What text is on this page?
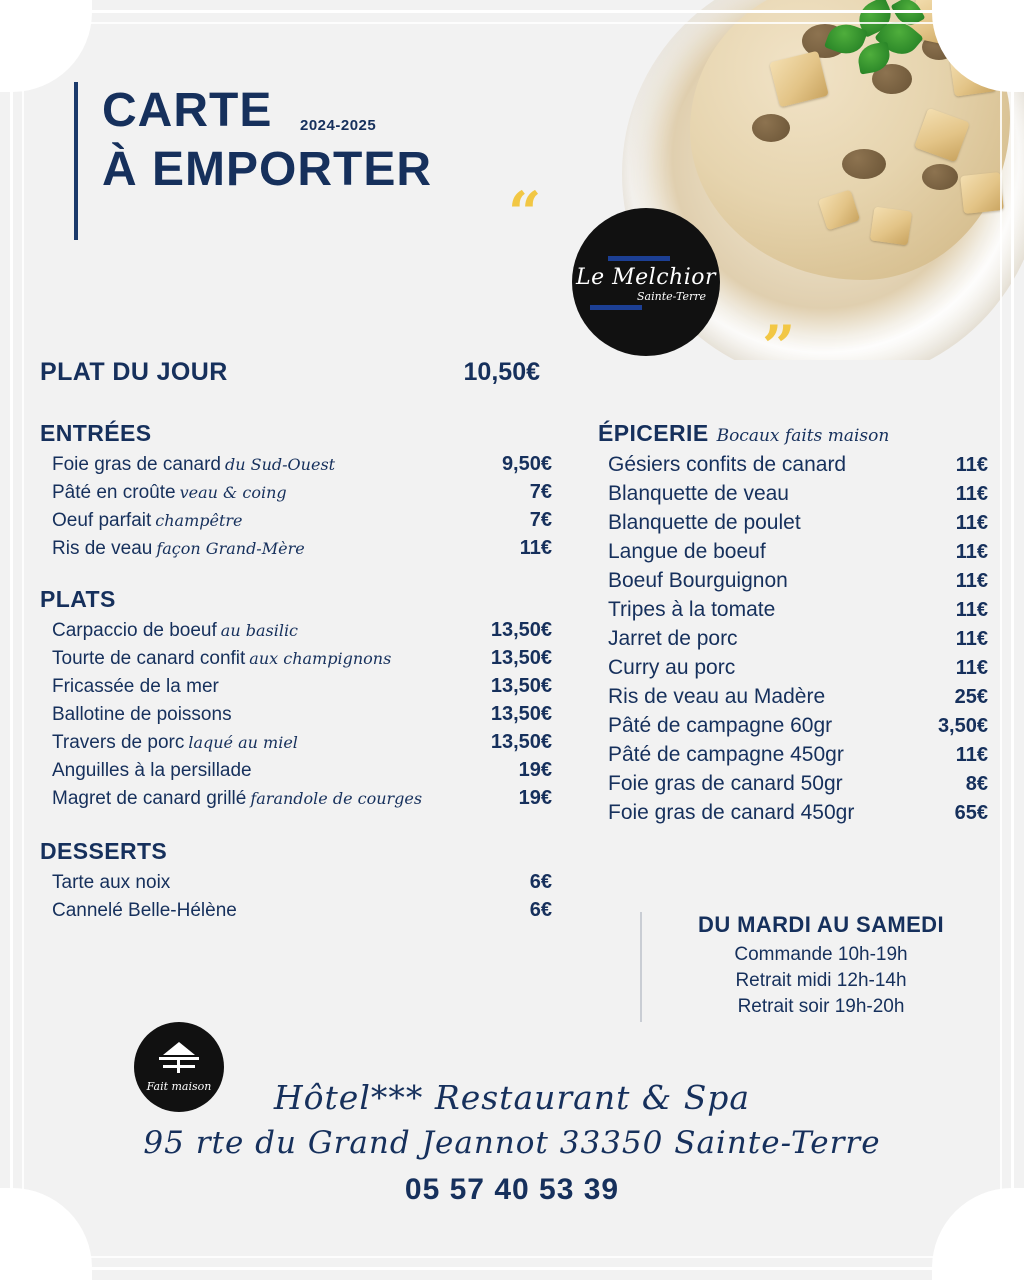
“
”
Le Melchior
Sainte-Terre
CARTE
À EMPORTER
2024-2025
PLAT DU JOUR	10,50€
ENTRÉES
Foie gras de canard du Sud-Ouest	9,50€
Pâté en croûte veau & coing	7€
Oeuf parfait champêtre	7€
Ris de veau façon Grand-Mère	11€
PLATS
Carpaccio de boeuf au basilic	13,50€
Tourte de canard confit aux champignons	13,50€
Fricassée de la mer	13,50€
Ballotine de poissons	13,50€
Travers de porc laqué au miel	13,50€
Anguilles à la persillade	19€
Magret de canard grillé farandole de courges	19€
DESSERTS
Tarte aux noix	6€
Cannelé Belle-Hélène	6€
ÉPICERIE Bocaux faits maison
Gésiers confits de canard	11€
Blanquette de veau	11€
Blanquette de poulet	11€
Langue de boeuf	11€
Boeuf Bourguignon	11€
Tripes à la tomate	11€
Jarret de porc	11€
Curry au porc	11€
Ris de veau au Madère	25€
Pâté de campagne 60gr	3,50€
Pâté de campagne 450gr	11€
Foie gras de canard 50gr	8€
Foie gras de canard 450gr	65€
DU MARDI AU SAMEDI
Commande 10h-19h
Retrait midi 12h-14h
Retrait soir 19h-20h
Fait maison	Hôtel*** Restaurant & Spa
95 rte du Grand Jeannot 33350 Sainte-Terre
05 57 40 53 39
